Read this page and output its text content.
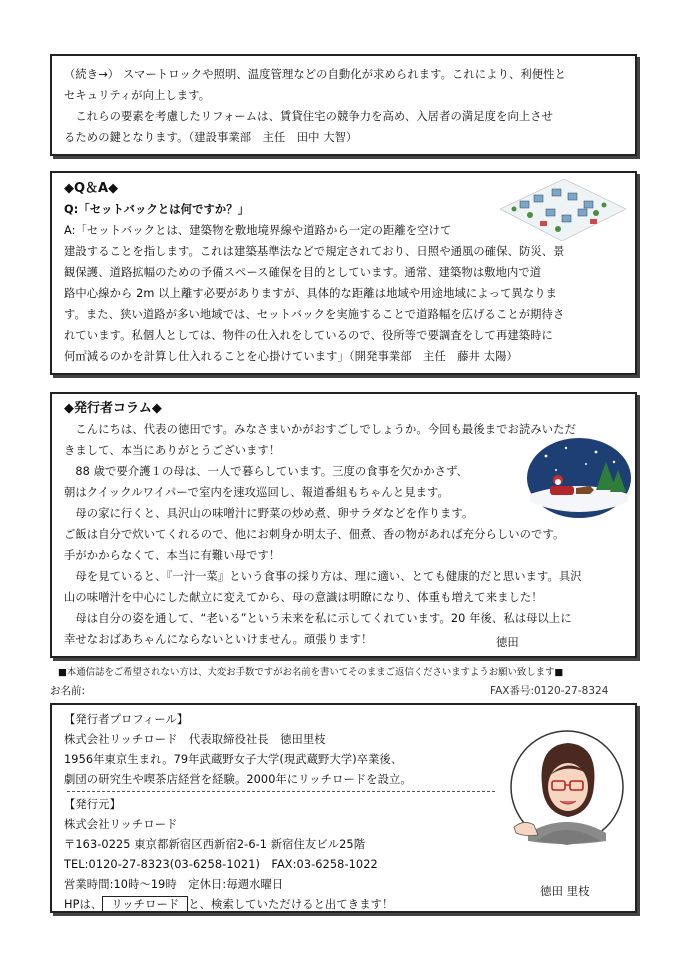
（続き→） スマートロックや照明、温度管理などの自動化が求められます。これにより、利便性と

セキュリティが向上します。

　これらの要素を考慮したリフォームは、賃貸住宅の競争力を高め、入居者の満足度を向上させ

るための鍵となります。（建設事業部　主任　田中 大智）

◆Q＆A◆

Q:「セットバックとは何ですか？」

A:「セットバックとは、建築物を敷地境界線や道路から一定の距離を空けて

建設することを指します。これは建築基準法などで規定されており、日照や通風の確保、防災、景

観保護、道路拡幅のための予備スペース確保を目的としています。通常、建築物は敷地内で道

路中心線から 2m 以上離す必要がありますが、具体的な距離は地域や用途地域によって異なりま

す。また、狭い道路が多い地域では、セットバックを実施することで道路幅を広げることが期待さ

れています。私個人としては、物件の仕入れをしているので、役所等で要調査をして再建築時に

何㎡減るのかを計算し仕入れることを心掛けています」（開発事業部　主任　藤井 太陽）

◆発行者コラム◆

　こんにちは、代表の徳田です。みなさまいかがおすごしでしょうか。今回も最後までお読みいただ

きまして、本当にありがとうございます！

　88 歳で要介護１の母は、一人で暮らしています。三度の食事を欠かかさず、

朝はクイックルワイパーで室内を速攻巡回し、報道番組もちゃんと見ます。

　母の家に行くと、具沢山の味噌汁に野菜の炒め煮、卵サラダなどを作ります。

ご飯は自分で炊いてくれるので、他にお刺身か明太子、佃煮、香の物があれば充分らしいのです。

手がかからなくて、本当に有難い母です！

　母を見ていると、『一汁一菜』という食事の採り方は、理に適い、とても健康的だと思います。具沢

山の味噌汁を中心にした献立に変えてから、母の意識は明瞭になり、体重も増えて来ました！

　母は自分の姿を通して、“老いる”という未来を私に示してくれています。20 年後、私は母以上に

幸せなおばあちゃんにならないといけません。頑張ります！	徳田
■本通信誌をご希望されない方は、大変お手数ですがお名前を書いてそのままご返信くださいますようお願い致します■
お名前:	FAX番号:0120-27-8324

【発行者プロフィール】

株式会社リッチロード　代表取締役社長　徳田里枝

1956年東京生まれ。79年武蔵野女子大学(現武蔵野大学)卒業後、

劇団の研究生や喫茶店経営を経験。2000年にリッチロードを設立。

【発行元】

株式会社リッチロード

〒163-0225 東京都新宿区西新宿2-6-1 新宿住友ビル25階

TEL:0120-27-8323(03-6258-1021)　FAX:03-6258-1022

営業時間:10時～19時　定休日:毎週水曜日

HPは、 リッチロード と、検索していただけると出てきます！

徳田 里枝
